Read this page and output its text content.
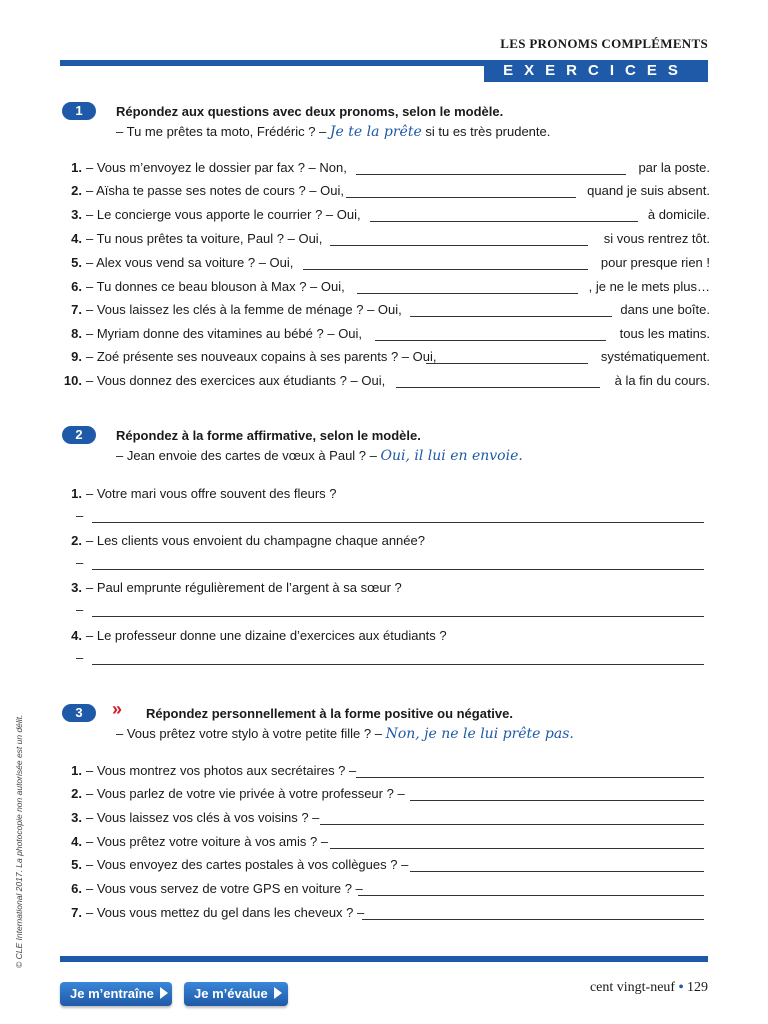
LES PRONOMS COMPLÉMENTS
EXERCICES
1	Répondez aux questions avec deux pronoms, selon le modèle.
– Tu me prêtes ta moto, Frédéric ? – Je te la prête si tu es très prudente.
1. – Vous m’envoyez le dossier par fax ? – Non,	par la poste.
2. – Aïsha te passe ses notes de cours ? – Oui,	quand je suis absent.
3. – Le concierge vous apporte le courrier ? – Oui,	à domicile.
4. – Tu nous prêtes ta voiture, Paul ? – Oui,	si vous rentrez tôt.
5. – Alex vous vend sa voiture ? – Oui,	pour presque rien !
6. – Tu donnes ce beau blouson à Max ? – Oui,	, je ne le mets plus…
7. – Vous laissez les clés à la femme de ménage ? – Oui,	dans une boîte.
8. – Myriam donne des vitamines au bébé ? – Oui,	tous les matins.
9. – Zoé présente ses nouveaux copains à ses parents ? – Oui,	systématiquement.
10. – Vous donnez des exercices aux étudiants ? – Oui,	à la fin du cours.
2	Répondez à la forme affirmative, selon le modèle.
– Jean envoie des cartes de vœux à Paul ? – Oui, il lui en envoie.
1. – Votre mari vous offre souvent des fleurs ?
–
2. – Les clients vous envoient du champagne chaque année?
–
3. – Paul emprunte régulièrement de l’argent à sa sœur ?
–
4. – Le professeur donne une dizaine d’exercices aux étudiants ?
–
3	» Répondez personnellement à la forme positive ou négative.
– Vous prêtez votre stylo à votre petite fille ? – Non, je ne le lui prête pas.
1. – Vous montrez vos photos aux secrétaires ? –
2. – Vous parlez de votre vie privée à votre professeur ? –
3. – Vous laissez vos clés à vos voisins ? –
4. – Vous prêtez votre voiture à vos amis ? –
5. – Vous envoyez des cartes postales à vos collègues ? –
6. – Vous vous servez de votre GPS en voiture ? –
7. – Vous vous mettez du gel dans les cheveux ? –
Je m’entraîne	Je m’évalue	cent vingt-neuf • 129
© CLE International 2017. La photocopie non autorisée est un délit.
